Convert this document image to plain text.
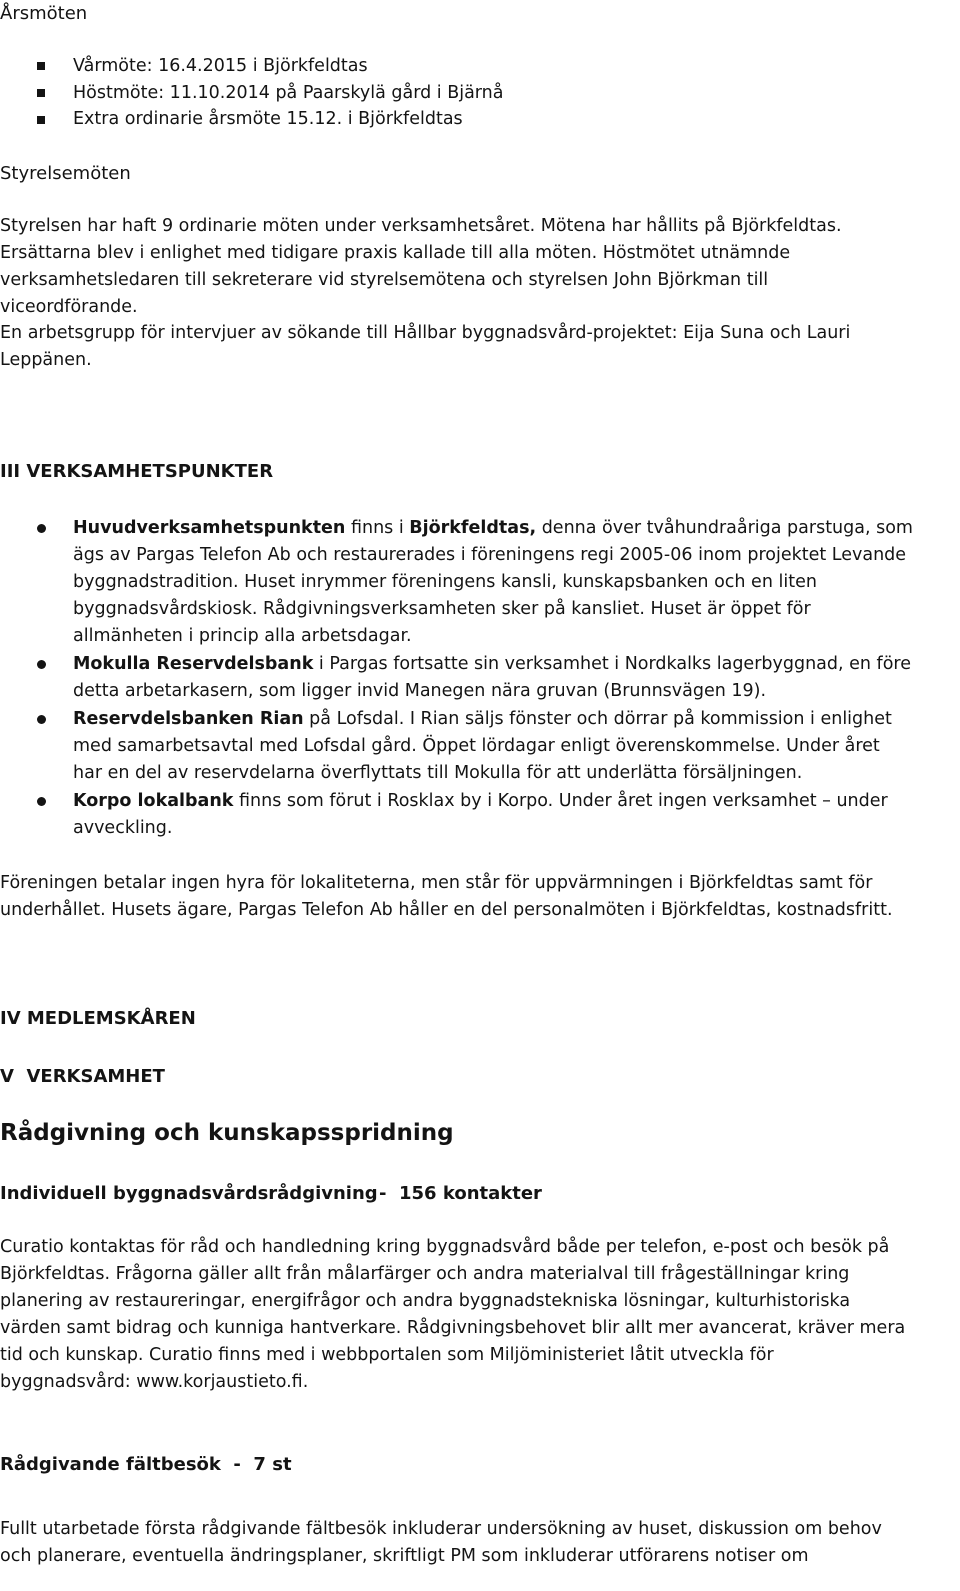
Årsmöten
Vårmöte: 16.4.2015 i Björkfeldtas
Höstmöte: 11.10.2014 på Paarskylä gård i Bjärnå
Extra ordinarie årsmöte 15.12. i Björkfeldtas
Styrelsemöten
Styrelsen har haft 9 ordinarie möten under verksamhetsåret. Mötena har hållits på Björkfeldtas.
Ersättarna blev i enlighet med tidigare praxis kallade till alla möten. Höstmötet utnämnde
verksamhetsledaren till sekreterare vid styrelsemötena och styrelsen John Björkman till
viceordförande.
En arbetsgrupp för intervjuer av sökande till Hållbar byggnadsvård-projektet: Eija Suna och Lauri
Leppänen.
III VERKSAMHETSPUNKTER
Huvudverksamhetspunkten finns i Björkfeldtas, denna över tvåhundraåriga parstuga, som
ägs av Pargas Telefon Ab och restaurerades i föreningens regi 2005-06 inom projektet Levande
byggnadstradition. Huset inrymmer föreningens kansli, kunskapsbanken och en liten
byggnadsvårdskiosk. Rådgivningsverksamheten sker på kansliet. Huset är öppet för
allmänheten i princip alla arbetsdagar.
Mokulla Reservdelsbank i Pargas fortsatte sin verksamhet i Nordkalks lagerbyggnad, en före
detta arbetarkasern, som ligger invid Manegen nära gruvan (Brunnsvägen 19).
Reservdelsbanken Rian på Lofsdal. I Rian säljs fönster och dörrar på kommission i enlighet
med samarbetsavtal med Lofsdal gård. Öppet lördagar enligt överenskommelse. Under året
har en del av reservdelarna överflyttats till Mokulla för att underlätta försäljningen.
Korpo lokalbank finns som förut i Rosklax by i Korpo. Under året ingen verksamhet – under
avveckling.
Föreningen betalar ingen hyra för lokaliteterna, men står för uppvärmningen i Björkfeldtas samt för
underhållet. Husets ägare, Pargas Telefon Ab håller en del personalmöten i Björkfeldtas, kostnadsfritt.
IV MEDLEMSKÅREN
V  VERKSAMHET
Rådgivning och kunskapsspridning
Individuell byggnadsvårdsrådgivning -  156 kontakter
Curatio kontaktas för råd och handledning kring byggnadsvård både per telefon, e-post och besök på
Björkfeldtas. Frågorna gäller allt från målarfärger och andra materialval till frågeställningar kring
planering av restaureringar, energifrågor och andra byggnadstekniska lösningar, kulturhistoriska
värden samt bidrag och kunniga hantverkare. Rådgivningsbehovet blir allt mer avancerat, kräver mera
tid och kunskap. Curatio finns med i webbportalen som Miljöministeriet låtit utveckla för
byggnadsvård: www.korjaustieto.fi.
Rådgivande fältbesök  -  7 st
Fullt utarbetade första rådgivande fältbesök inkluderar undersökning av huset, diskussion om behov
och planerare, eventuella ändringsplaner, skriftligt PM som inkluderar utförarens notiser om
